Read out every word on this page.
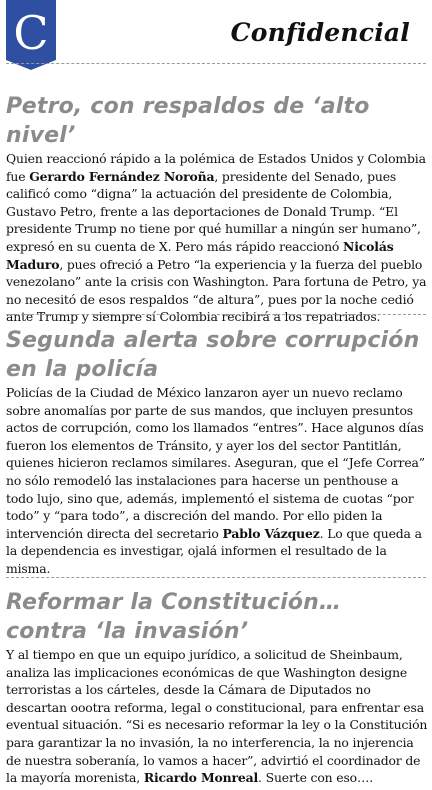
C	Confidencial
Petro, con respaldos de ‘alto nivel’

Quien reaccionó rápido a la polémica de Estados Unidos y Colombia fue Gerardo Fernández Noroña, presidente del Senado, pues calificó como “digna” la actuación del presidente de Colombia, Gustavo Petro, frente a las deportaciones de Donald Trump. “El presidente Trump no tiene por qué humillar a ningún ser humano”, expresó en su cuenta de X. Pero más rápido reaccionó Nicolás Maduro, pues ofreció a Petro “la experiencia y la fuerza del pueblo venezolano” ante la crisis con Washington. Para fortuna de Petro, ya no necesitó de esos respaldos “de altura”, pues por la noche cedió ante Trump y siempre sí Colombia recibirá a los repatriados.

Segunda alerta sobre corrupción en la policía

Policías de la Ciudad de México lanzaron ayer un nuevo reclamo sobre anomalías por parte de sus mandos, que incluyen presuntos actos de corrupción, como los llamados “entres”. Hace algunos días fueron los elementos de Tránsito, y ayer los del sector Pantitlán, quienes hicieron reclamos similares. Aseguran, que el “Jefe Correa” no sólo remodeló las instalaciones para hacerse un penthouse a todo lujo, sino que, además, implementó el sistema de cuotas “por todo” y “para todo”, a discreción del mando. Por ello piden la intervención directa del secretario Pablo Vázquez. Lo que queda a la dependencia es investigar, ojalá informen el resultado de la misma.

Reformar la Constitución… contra ‘la invasión’

Y al tiempo en que un equipo jurídico, a solicitud de Sheinbaum, analiza las implicaciones económicas de que Washington designe terroristas a los cárteles, desde la Cámara de Diputados no descartan oootra reforma, legal o constitucional, para enfrentar esa eventual situación. “Si es necesario reformar la ley o la Constitución para garantizar la no invasión, la no interferencia, la no injerencia de nuestra soberanía, lo vamos a hacer”, advirtió el coordinador de la mayoría morenista, Ricardo Monreal. Suerte con eso….
